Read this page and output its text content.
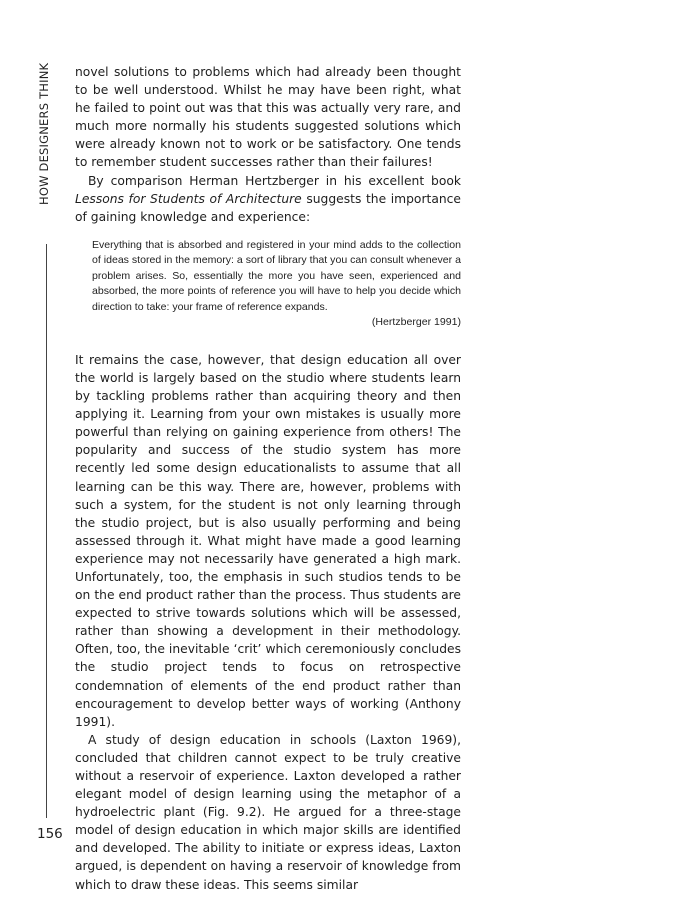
HOW DESIGNERS THINK
156

novel solutions to problems which had already been thought to be well understood. Whilst he may have been right, what he failed to point out was that this was actually very rare, and much more normally his students suggested solutions which were already known not to work or be satisfactory. One tends to remember student successes rather than their failures!

By comparison Herman Hertzberger in his excellent book Lessons for Students of Architecture suggests the importance of gaining knowledge and experience:

Everything that is absorbed and registered in your mind adds to the collection of ideas stored in the memory: a sort of library that you can consult whenever a problem arises. So, essentially the more you have seen, experienced and absorbed, the more points of reference you will have to help you decide which direction to take: your frame of reference expands.

(Hertzberger 1991)

It remains the case, however, that design education all over the world is largely based on the studio where students learn by tackling problems rather than acquiring theory and then applying it. Learning from your own mistakes is usually more powerful than relying on gaining experience from others! The popularity and success of the studio system has more recently led some design educationalists to assume that all learning can be this way. There are, however, problems with such a system, for the student is not only learning through the studio project, but is also usually performing and being assessed through it. What might have made a good learning experience may not necessarily have generated a high mark. Unfortunately, too, the emphasis in such studios tends to be on the end product rather than the process. Thus students are expected to strive towards solutions which will be assessed, rather than showing a development in their methodology. Often, too, the inevitable ‘crit’ which ceremoniously concludes the studio project tends to focus on retrospective condemnation of elements of the end product rather than encouragement to develop better ways of working (Anthony 1991).

A study of design education in schools (Laxton 1969), concluded that children cannot expect to be truly creative without a reservoir of experience. Laxton developed a rather elegant model of design learning using the metaphor of a hydroelectric plant (Fig. 9.2). He argued for a three-stage model of design education in which major skills are identified and developed. The ability to initiate or express ideas, Laxton argued, is dependent on having a reservoir of knowledge from which to draw these ideas. This seems similar
